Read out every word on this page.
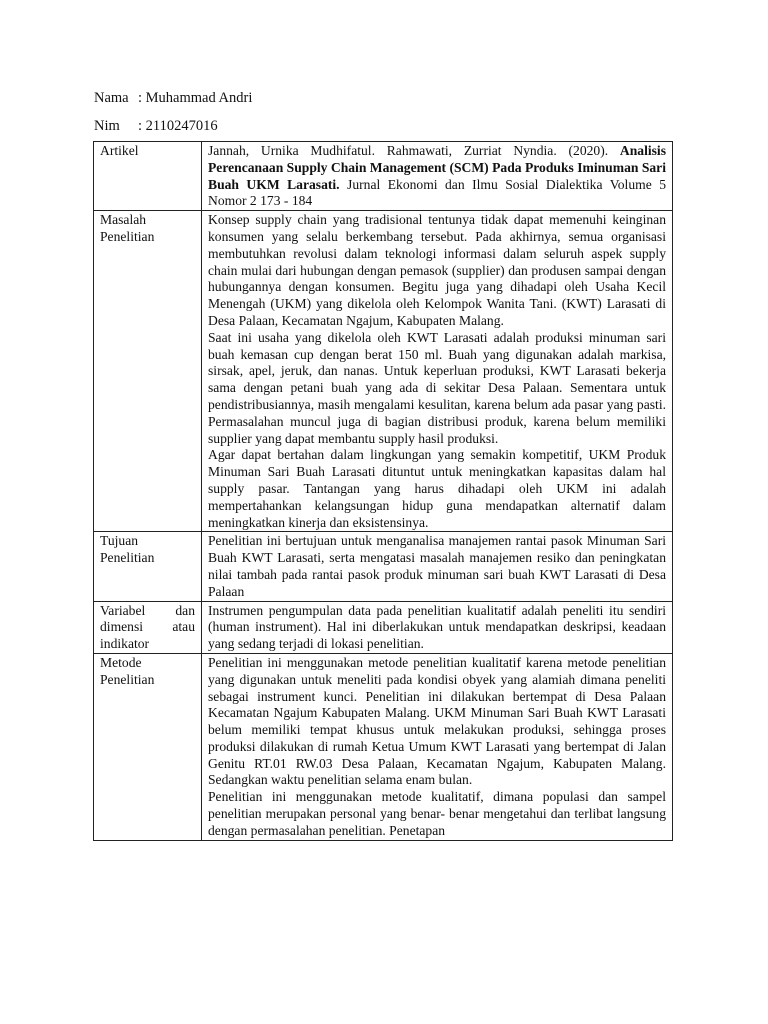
Nama : Muhammad Andri
Nim : 2110247016
Artikel	Jannah, Urnika Mudhifatul. Rahmawati, Zurriat Nyndia. (2020). Analisis Perencanaan Supply Chain Management (SCM) Pada Produks Iminuman Sari Buah UKM Larasati. Jurnal Ekonomi dan Ilmu Sosial Dialektika Volume 5 Nomor 2 173 - 184
Masalah Penelitian	Konsep supply chain yang tradisional tentunya tidak dapat memenuhi keinginan konsumen yang selalu berkembang tersebut. Pada akhirnya, semua organisasi membutuhkan revolusi dalam teknologi informasi dalam seluruh aspek supply chain mulai dari hubungan dengan pemasok (supplier) dan produsen sampai dengan hubungannya dengan konsumen. Begitu juga yang dihadapi oleh Usaha Kecil Menengah (UKM) yang dikelola oleh Kelompok Wanita Tani. (KWT) Larasati di Desa Palaan, Kecamatan Ngajum, Kabupaten Malang.

Saat ini usaha yang dikelola oleh KWT Larasati adalah produksi minuman sari buah kemasan cup dengan berat 150 ml. Buah yang digunakan adalah markisa, sirsak, apel, jeruk, dan nanas. Untuk keperluan produksi, KWT Larasati bekerja sama dengan petani buah yang ada di sekitar Desa Palaan. Sementara untuk pendistribusiannya, masih mengalami kesulitan, karena belum ada pasar yang pasti. Permasalahan muncul juga di bagian distribusi produk, karena belum memiliki supplier yang dapat membantu supply hasil produksi.

Agar dapat bertahan dalam lingkungan yang semakin kompetitif, UKM Produk Minuman Sari Buah Larasati dituntut untuk meningkatkan kapasitas dalam hal supply pasar. Tantangan yang harus dihadapi oleh UKM ini adalah mempertahankan kelangsungan hidup guna mendapatkan alternatif dalam meningkatkan kinerja dan eksistensinya.

Tujuan Penelitian	Penelitian ini bertujuan untuk menganalisa manajemen rantai pasok Minuman Sari Buah KWT Larasati, serta mengatasi masalah manajemen resiko dan peningkatan nilai tambah pada rantai pasok produk minuman sari buah KWT Larasati di Desa Palaan
Variabel dan dimensi atau indikator	Instrumen pengumpulan data pada penelitian kualitatif adalah peneliti itu sendiri (human instrument). Hal ini diberlakukan untuk mendapatkan deskripsi, keadaan yang sedang terjadi di lokasi penelitian.
Metode Penelitian	Penelitian ini menggunakan metode penelitian kualitatif karena metode penelitian yang digunakan untuk meneliti pada kondisi obyek yang alamiah dimana peneliti sebagai instrument kunci. Penelitian ini dilakukan bertempat di Desa Palaan Kecamatan Ngajum Kabupaten Malang. UKM Minuman Sari Buah KWT Larasati belum memiliki tempat khusus untuk melakukan produksi, sehingga proses produksi dilakukan di rumah Ketua Umum KWT Larasati yang bertempat di Jalan Genitu RT.01 RW.03 Desa Palaan, Kecamatan Ngajum, Kabupaten Malang. Sedangkan waktu penelitian selama enam bulan.

Penelitian ini menggunakan metode kualitatif, dimana populasi dan sampel penelitian merupakan personal yang benar- benar mengetahui dan terlibat langsung dengan permasalahan penelitian. Penetapan
